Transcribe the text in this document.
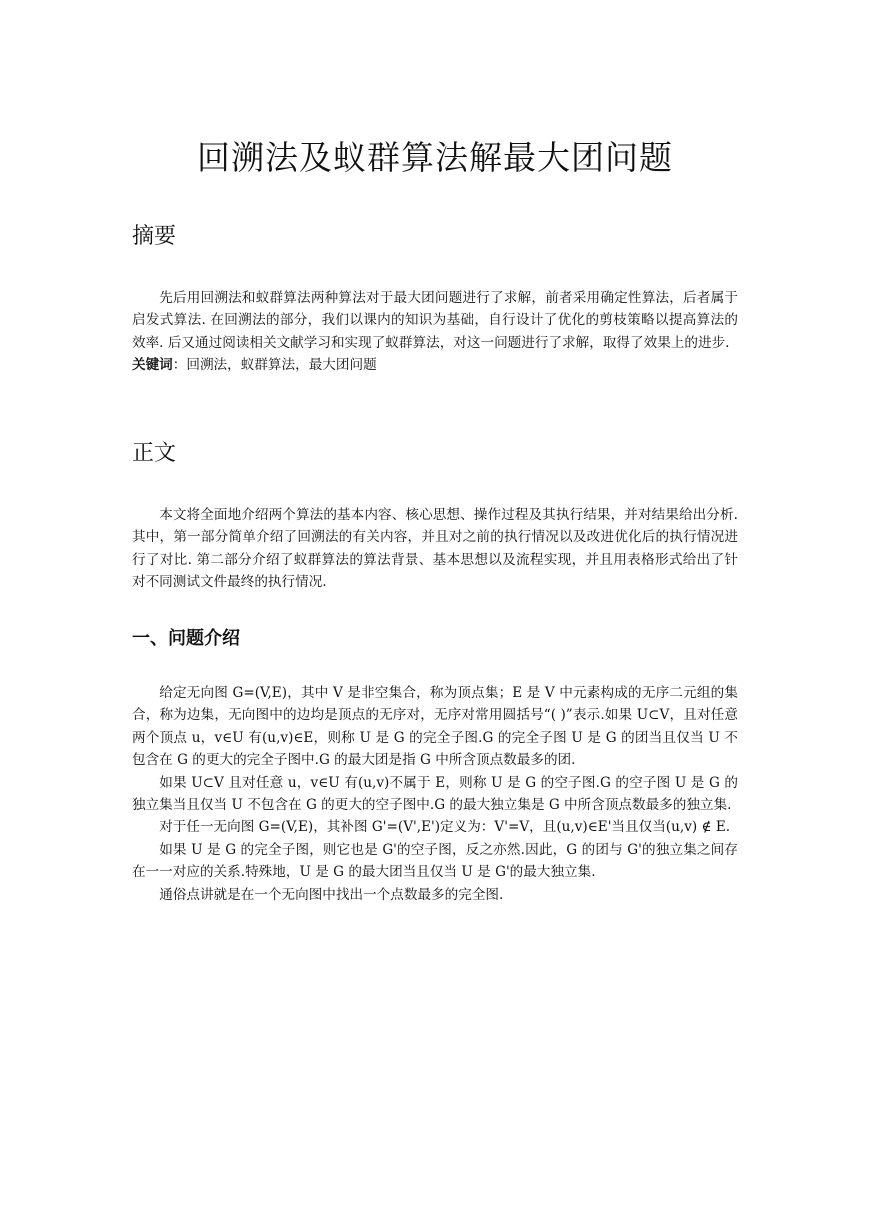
回溯法及蚁群算法解最大团问题
摘要

先后用回溯法和蚁群算法两种算法对于最大团问题进行了求解，前者采用确定性算法，后者属于启发式算法. 在回溯法的部分，我们以课内的知识为基础，自行设计了优化的剪枝策略以提高算法的效率. 后又通过阅读相关文献学习和实现了蚁群算法，对这一问题进行了求解，取得了效果上的进步.

关键词：回溯法，蚁群算法，最大团问题

正文

本文将全面地介绍两个算法的基本内容、核心思想、操作过程及其执行结果，并对结果给出分析.其中，第一部分简单介绍了回溯法的有关内容，并且对之前的执行情况以及改进优化后的执行情况进行了对比. 第二部分介绍了蚁群算法的算法背景、基本思想以及流程实现，并且用表格形式给出了针对不同测试文件最终的执行情况.

一、问题介绍

给定无向图 G=(V,E)，其中 V 是非空集合，称为顶点集；E 是 V 中元素构成的无序二元组的集合，称为边集，无向图中的边均是顶点的无序对，无序对常用圆括号“( )”表示.如果 U⊂V，且对任意两个顶点 u，v∈U 有(u,v)∈E，则称 U 是 G 的完全子图.G 的完全子图 U 是 G 的团当且仅当 U 不包含在 G 的更大的完全子图中.G 的最大团是指 G 中所含顶点数最多的团.

如果 U⊂V 且对任意 u，v∈U 有(u,v)不属于 E，则称 U 是 G 的空子图.G 的空子图 U 是 G 的独立集当且仅当 U 不包含在 G 的更大的空子图中.G 的最大独立集是 G 中所含顶点数最多的独立集.

对于任一无向图 G=(V,E)，其补图 G'=(V',E')定义为：V'=V，且(u,v)∈E'当且仅当(u,v) ∉ E.

如果 U 是 G 的完全子图，则它也是 G'的空子图，反之亦然.因此，G 的团与 G'的独立集之间存在一一对应的关系.特殊地，U 是 G 的最大团当且仅当 U 是 G'的最大独立集.

通俗点讲就是在一个无向图中找出一个点数最多的完全图.
